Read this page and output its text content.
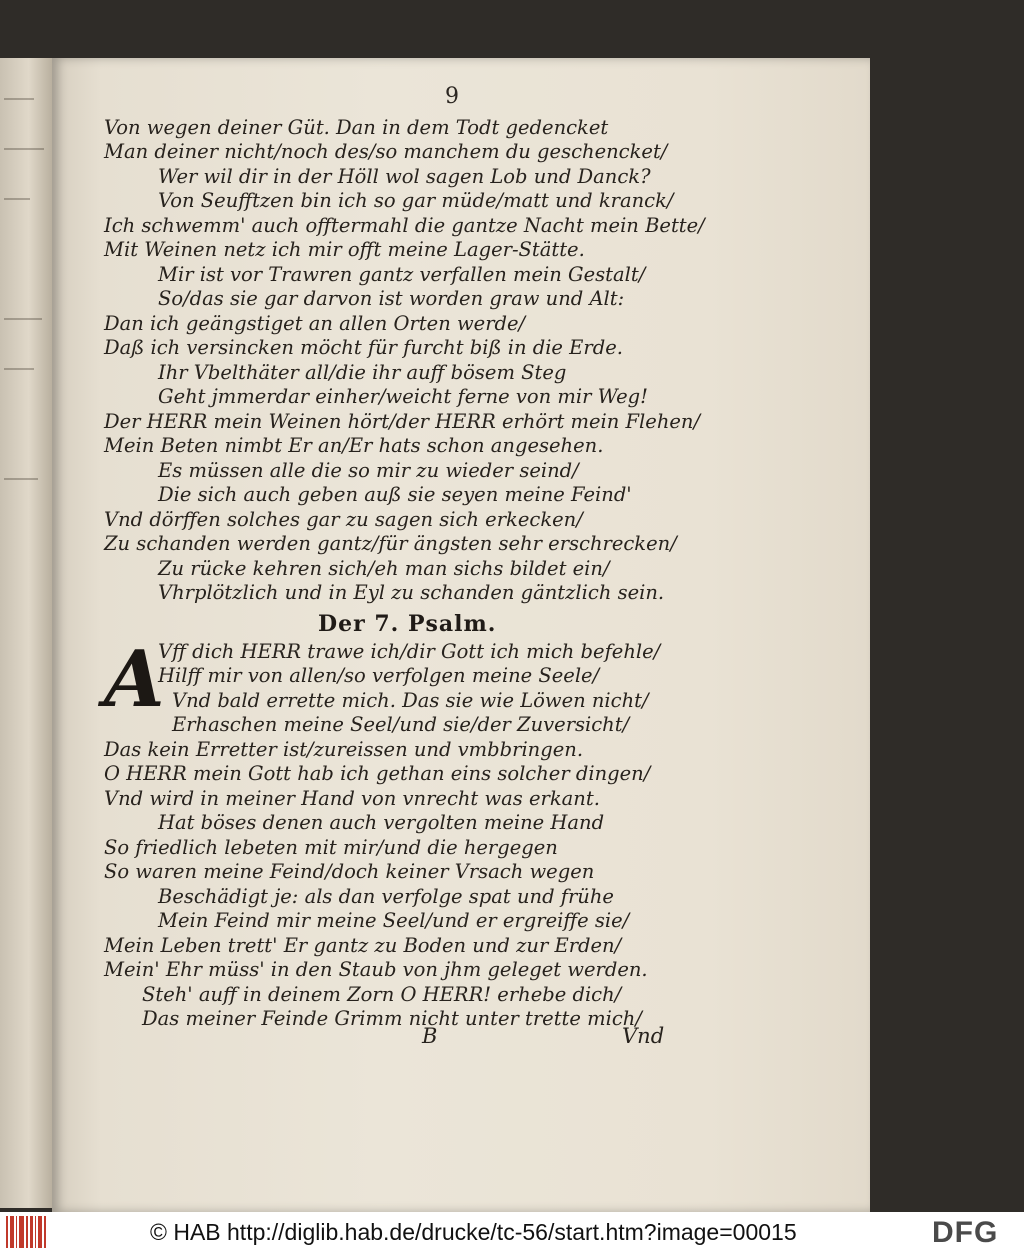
9
Von wegen deiner Güt. Dan in dem Todt gedencket
Man deiner nicht/noch des/so manchem du geschencket/
Wer wil dir in der Höll wol sagen Lob und Danck?
Von Seufftzen bin ich so gar müde/matt und kranck/
Ich schwemm' auch offtermahl die gantze Nacht mein Bette/
Mit Weinen netz ich mir offt meine Lager-Stätte.
Mir ist vor Trawren gantz verfallen mein Gestalt/
So/das sie gar darvon ist worden graw und Alt:
Dan ich geängstiget an allen Orten werde/
Daß ich versincken möcht für furcht biß in die Erde.
Ihr Vbelthäter all/die ihr auff bösem Steg
Geht jmmerdar einher/weicht ferne von mir Weg!
Der HERR mein Weinen hört/der HERR erhört mein Flehen/
Mein Beten nimbt Er an/Er hats schon angesehen.
Es müssen alle die so mir zu wieder seind/
Die sich auch geben auß sie seyen meine Feind'
Vnd dörffen solches gar zu sagen sich erkecken/
Zu schanden werden gantz/für ängsten sehr erschrecken/
Zu rücke kehren sich/eh man sichs bildet ein/
Vhrplötzlich und in Eyl zu schanden gäntzlich sein.
Der 7. Psalm.
A
Vff dich HERR trawe ich/dir Gott ich mich befehle/
Hilff mir von allen/so verfolgen meine Seele/
Vnd bald errette mich. Das sie wie Löwen nicht/
Erhaschen meine Seel/und sie/der Zuversicht/
Das kein Erretter ist/zureissen und vmbbringen.
O HERR mein Gott hab ich gethan eins solcher dingen/
Vnd wird in meiner Hand von vnrecht was erkant.
Hat böses denen auch vergolten meine Hand
So friedlich lebeten mit mir/und die hergegen
So waren meine Feind/doch keiner Vrsach wegen
Beschädigt je: als dan verfolge spat und frühe
Mein Feind mir meine Seel/und er ergreiffe sie/
Mein Leben trett' Er gantz zu Boden und zur Erden/
Mein' Ehr müss' in den Staub von jhm geleget werden.
Steh' auff in deinem Zorn O HERR! erhebe dich/
Das meiner Feinde Grimm nicht unter trette mich/
B	Vnd
© HAB http://diglib.hab.de/drucke/tc-56/start.htm?image=00015	DFG
